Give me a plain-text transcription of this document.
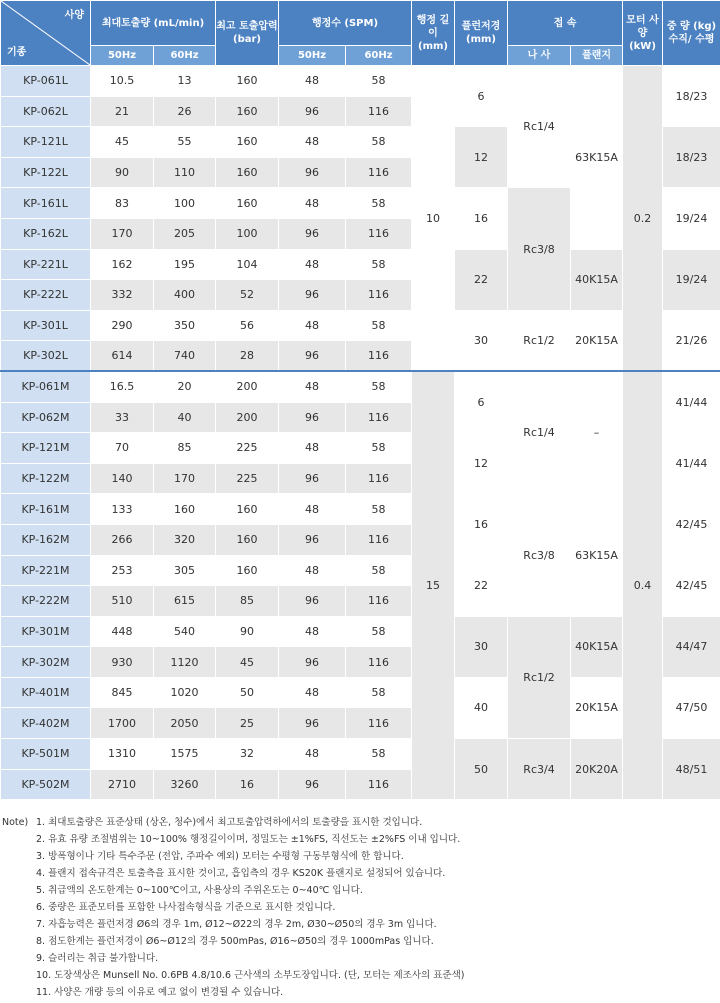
사양
기종	최대토출량 (mL/min)		최고 토출압력 (bar)	행정수 (SPM)		행정 길이 (mm)	플런저경 (mm)	접 속		모터 사양 (kW)	중 량 (kg) 수직/ 수평
	50Hz	60Hz		50Hz	60Hz			나 사	플랜지		
KP-061L	10.5	13	160	48	58	10	6	Rc1/4	63K15A	0.2	18/23
KP-062L	21	26	160	96	116						
KP-121L	45	55	160	48	58		12				18/23
KP-122L	90	110	160	96	116						
KP-161L	83	100	160	48	58		16	Rc3/8			19/24
KP-162L	170	205	100	96	116						
KP-221L	162	195	104	48	58		22		40K15A		19/24
KP-222L	332	400	52	96	116						
KP-301L	290	350	56	48	58		30	Rc1/2	20K15A		21/26
KP-302L	614	740	28	96	116						
KP-061M	16.5	20	200	48	58	15	6	Rc1/4	–	0.4	41/44
KP-062M	33	40	200	96	116						
KP-121M	70	85	225	48	58		12				41/44
KP-122M	140	170	225	96	116						
KP-161M	133	160	160	48	58		16	Rc3/8	63K15A		42/45
KP-162M	266	320	160	96	116						
KP-221M	253	305	160	48	58		22				42/45
KP-222M	510	615	85	96	116						
KP-301M	448	540	90	48	58		30	Rc1/2	40K15A		44/47
KP-302M	930	1120	45	96	116						
KP-401M	845	1020	50	48	58		40		20K15A		47/50
KP-402M	1700	2050	25	96	116						
KP-501M	1310	1575	32	48	58		50	Rc3/4	20K20A		48/51
KP-502M	2710	3260	16	96	116						
Note) 1. 최대토출량은 표준상태 (상온, 청수)에서 최고토출압력하에서의 토출량을 표시한 것입니다.
2. 유효 유량 조절범위는 10~100% 행정길이이며, 정밀도는 ±1%FS, 직선도는 ±2%FS 이내 입니다.
3. 방폭형이나 기타 특수주문 (전압, 주파수 예외) 모터는 수평형 구동부형식에 한 합니다.
4. 플랜지 접속규격은 토출측을 표시한 것이고, 흡입측의 경우 KS20K 플랜지로 설정되어 있습니다.
5. 취급액의 온도한계는 0~100℃이고, 사용상의 주위온도는 0~40℃ 입니다.
6. 중량은 표준모터를 포함한 나사접속형식을 기준으로 표시한 것입니다.
7. 자흡능력은 플런저경 Ø6의 경우 1m, Ø12~Ø22의 경우 2m, Ø30~Ø50의 경우 3m 입니다.
8. 점도한계는 플런저경이 Ø6~Ø12의 경우 500mPas, Ø16~Ø50의 경우 1000mPas 입니다.
9. 슬러리는 취급 불가합니다.
10. 도장색상은 Munsell No. 0.6PB 4.8/10.6 근사색의 소부도장입니다. (단, 모터는 제조사의 표준색)
11. 사양은 개량 등의 이유로 예고 없이 변경될 수 있습니다.
